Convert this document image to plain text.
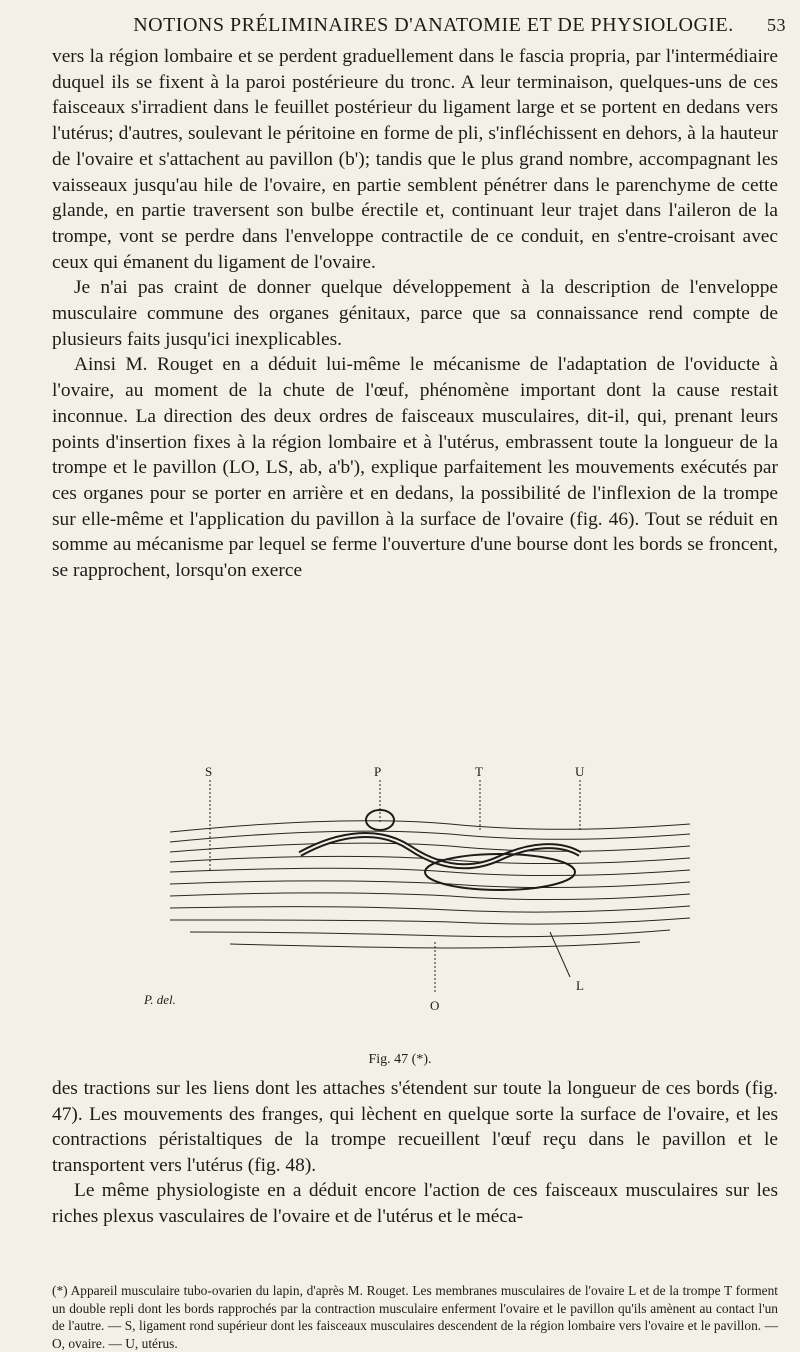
NOTIONS PRÉLIMINAIRES D'ANATOMIE ET DE PHYSIOLOGIE.	53

vers la région lombaire et se perdent graduellement dans le fascia propria, par l'intermédiaire duquel ils se fixent à la paroi postérieure du tronc. A leur terminaison, quelques-uns de ces faisceaux s'irradient dans le feuillet postérieur du ligament large et se portent en dedans vers l'utérus; d'autres, soulevant le péritoine en forme de pli, s'infléchissent en dehors, à la hauteur de l'ovaire et s'attachent au pavillon (b'); tandis que le plus grand nombre, accompagnant les vaisseaux jusqu'au hile de l'ovaire, en partie semblent pénétrer dans le parenchyme de cette glande, en partie traversent son bulbe érectile et, continuant leur trajet dans l'aileron de la trompe, vont se perdre dans l'enveloppe contractile de ce conduit, en s'entre-croisant avec ceux qui émanent du ligament de l'ovaire.

Je n'ai pas craint de donner quelque développement à la description de l'enveloppe musculaire commune des organes génitaux, parce que sa connaissance rend compte de plusieurs faits jusqu'ici inexplicables.

Ainsi M. Rouget en a déduit lui-même le mécanisme de l'adaptation de l'oviducte à l'ovaire, au moment de la chute de l'œuf, phénomène important dont la cause restait inconnue. La direction des deux ordres de faisceaux musculaires, dit-il, qui, prenant leurs points d'insertion fixes à la région lombaire et à l'utérus, embrassent toute la longueur de la trompe et le pavillon (LO, LS, ab, a'b'), explique parfaitement les mouvements exécutés par ces organes pour se porter en arrière et en dedans, la possibilité de l'inflexion de la trompe sur elle-même et l'application du pavillon à la surface de l'ovaire (fig. 46). Tout se réduit en somme au mécanisme par lequel se ferme l'ouverture d'une bourse dont les bords se froncent, se rapprochent, lorsqu'on exerce

S	P	T	U
L
O
P. del.
Fig. 47 (*).

des tractions sur les liens dont les attaches s'étendent sur toute la longueur de ces bords (fig. 47). Les mouvements des franges, qui lèchent en quelque sorte la surface de l'ovaire, et les contractions péristaltiques de la trompe recueillent l'œuf reçu dans le pavillon et le transportent vers l'utérus (fig. 48).

Le même physiologiste en a déduit encore l'action de ces faisceaux musculaires sur les riches plexus vasculaires de l'ovaire et de l'utérus et le méca-

(*) Appareil musculaire tubo-ovarien du lapin, d'après M. Rouget. Les membranes musculaires de l'ovaire L et de la trompe T forment un double repli dont les bords rapprochés par la contraction musculaire enferment l'ovaire et le pavillon qu'ils amènent au contact l'un de l'autre. — S, ligament rond supérieur dont les faisceaux musculaires descendent de la région lombaire vers l'ovaire et le pavillon. — O, ovaire. — U, utérus.
